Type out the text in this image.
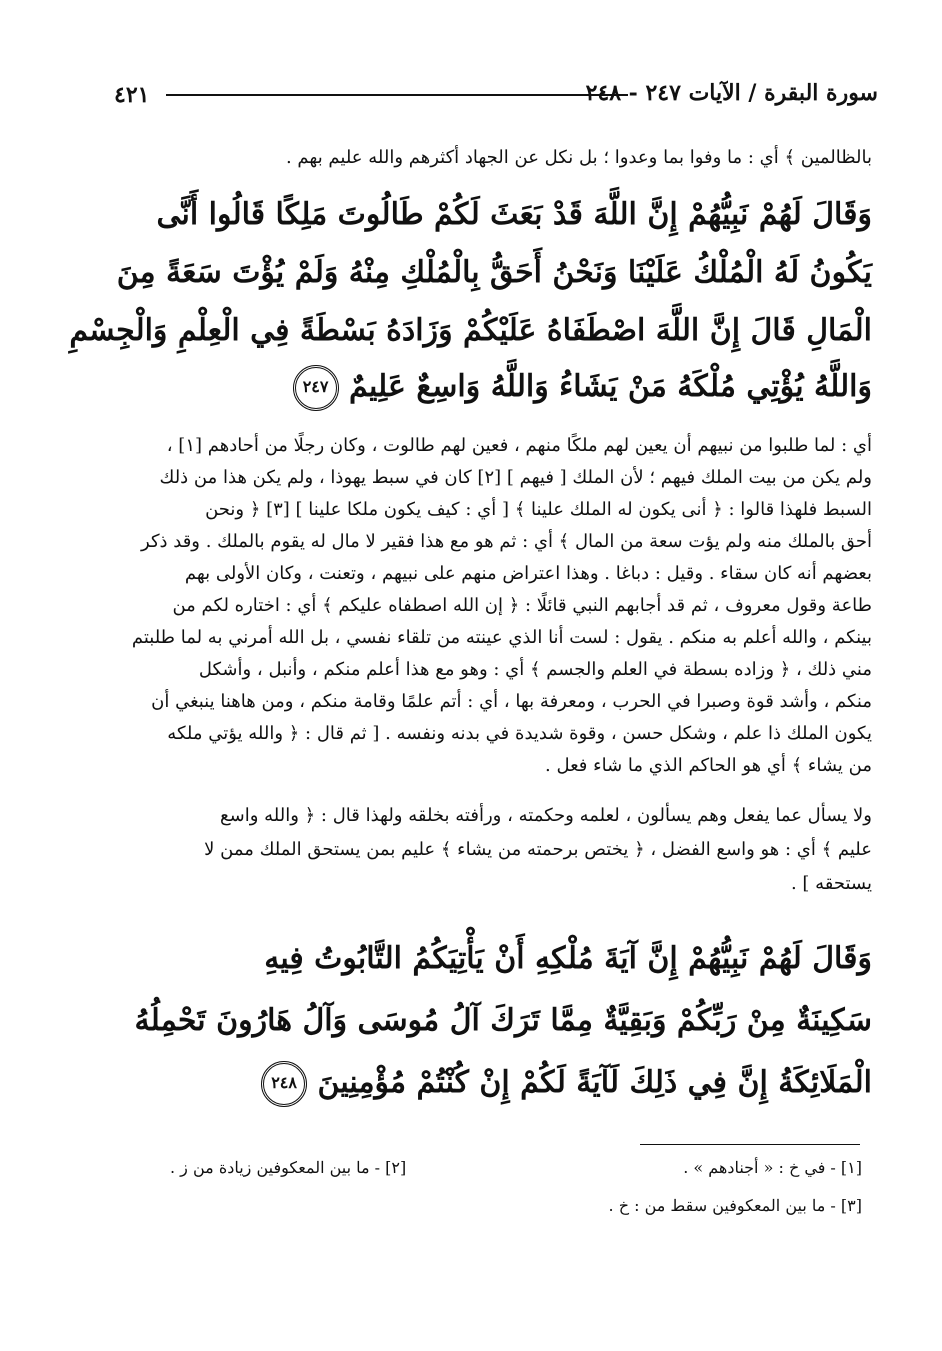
٤٢١	سورة البقرة / الآيات ٢٤٧ - ٢٤٨
بالظالمين ﴾ أي : ما وفوا بما وعدوا ؛ بل نكل عن الجهاد أكثرهم والله عليم بهم .
وَقَالَ لَهُمْ نَبِيُّهُمْ إِنَّ اللَّهَ قَدْ بَعَثَ لَكُمْ طَالُوتَ مَلِكًا قَالُوا أَنَّى
يَكُونُ لَهُ الْمُلْكُ عَلَيْنَا وَنَحْنُ أَحَقُّ بِالْمُلْكِ مِنْهُ وَلَمْ يُؤْتَ سَعَةً مِنَ
الْمَالِ قَالَ إِنَّ اللَّهَ اصْطَفَاهُ عَلَيْكُمْ وَزَادَهُ بَسْطَةً فِي الْعِلْمِ وَالْجِسْمِ
وَاللَّهُ يُؤْتِي مُلْكَهُ مَنْ يَشَاءُ وَاللَّهُ وَاسِعٌ عَلِيمٌ ٢٤٧
أي : لما طلبوا من نبيهم أن يعين لهم ملكًا منهم ، فعين لهم طالوت ، وكان رجلًا من أحادهم [١] ،
ولم يكن من بيت الملك فيهم ؛ لأن الملك [ فيهم ] [٢] كان في سبط يهوذا ، ولم يكن هذا من ذلك
السبط فلهذا قالوا : ﴿ أنى يكون له الملك علينا ﴾ [ أي : كيف يكون ملكا علينا ] [٣] ﴿ ونحن
أحق بالملك منه ولم يؤت سعة من المال ﴾ أي : ثم هو مع هذا فقير لا مال له يقوم بالملك . وقد ذكر
بعضهم أنه كان سقاء . وقيل : دباغا . وهذا اعتراض منهم على نبيهم ، وتعنت ، وكان الأولى بهم
طاعة وقول معروف ، ثم قد أجابهم النبي قائلًا : ﴿ إن الله اصطفاه عليكم ﴾ أي : اختاره لكم من
بينكم ، والله أعلم به منكم . يقول : لست أنا الذي عينته من تلقاء نفسي ، بل الله أمرني به لما طلبتم
مني ذلك ، ﴿ وزاده بسطة في العلم والجسم ﴾ أي : وهو مع هذا أعلم منكم ، وأنبل ، وأشكل
منكم ، وأشد قوة وصبرا في الحرب ، ومعرفة بها ، أي : أتم علمًا وقامة منكم ، ومن هاهنا ينبغي أن
يكون الملك ذا علم ، وشكل حسن ، وقوة شديدة في بدنه ونفسه . [ ثم قال : ﴿ والله يؤتي ملكه
من يشاء ﴾ أي هو الحاكم الذي ما شاء فعل .
ولا يسأل عما يفعل وهم يسألون ، لعلمه وحكمته ، ورأفته بخلقه ولهذا قال : ﴿ والله واسع
عليم ﴾ أي : هو واسع الفضل ، ﴿ يختص برحمته من يشاء ﴾ عليم بمن يستحق الملك ممن لا
يستحقه ] .
وَقَالَ لَهُمْ نَبِيُّهُمْ إِنَّ آيَةَ مُلْكِهِ أَنْ يَأْتِيَكُمُ التَّابُوتُ فِيهِ
سَكِينَةٌ مِنْ رَبِّكُمْ وَبَقِيَّةٌ مِمَّا تَرَكَ آلُ مُوسَى وَآلُ هَارُونَ تَحْمِلُهُ
الْمَلَائِكَةُ إِنَّ فِي ذَلِكَ لَآيَةً لَكُمْ إِنْ كُنْتُمْ مُؤْمِنِينَ ٢٤٨
[١] - في خ : « أجنادهم » .
[٢] - ما بين المعكوفين زيادة من ز .
[٣] - ما بين المعكوفين سقط من : خ .
